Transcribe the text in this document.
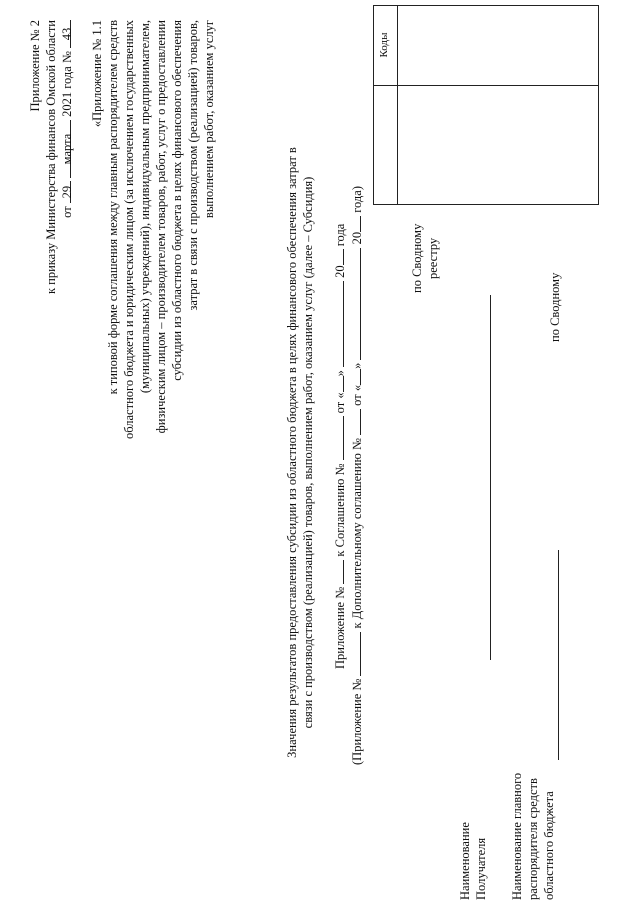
Приложение № 2 к приказу Министерства финансов Омской области от 29 марта 2021 года № 43 «Приложение № 1.1 к типовой форме соглашения между главным распорядителем средств областного бюджета и юридическим лицом (за исключением государственных (муниципальных) учреждений), индивидуальным предпринимателем, физическим лицом – производителем товаров, работ, услуг о предоставлении субсидии из областного бюджета в целях финансового обеспечения затрат в связи с производством (реализацией) товаров, выполнением работ, оказанием услуг
Значения результатов предоставления субсидии из областного бюджета в целях финансового обеспечения затрат в связи с производством (реализацией) товаров, выполнением работ, оказанием услуг (далее – Субсидия) Приложение №  к Соглашению №  от «»  20 года
(Приложение №  к Дополнительному соглашению №  от «»  20 года)
Коды
Наименование Получателя
по Сводному реестру
Наименование главного распорядителя средств областного бюджета
по Сводному
